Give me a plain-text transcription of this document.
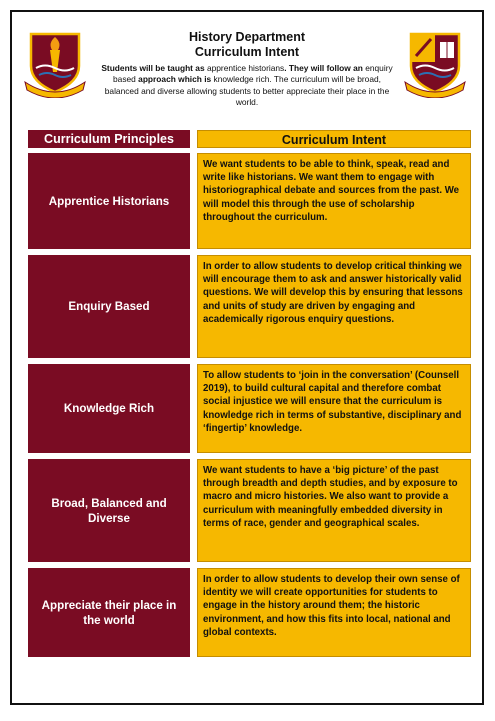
History Department
Curriculum Intent
Students will be taught as apprentice historians. They will follow an enquiry based approach which is knowledge rich. The curriculum will be broad, balanced and diverse allowing students to better appreciate their place in the world.
Curriculum Principles	Curriculum Intent
Apprentice Historians
We want students to be able to think, speak, read and write like historians. We want them to engage with historiographical debate and sources from the past. We will model this through the use of scholarship throughout the curriculum.
Enquiry Based
In order to allow students to develop critical thinking we will encourage them to ask and answer historically valid questions. We will develop this by ensuring that lessons and units of study are driven by engaging and academically rigorous enquiry questions.
Knowledge Rich
To allow students to ‘join in the conversation’ (Counsell 2019), to build cultural capital and therefore combat social injustice we will ensure that the curriculum is knowledge rich in terms of substantive, disciplinary and ‘fingertip’ knowledge.
Broad, Balanced and Diverse
We want students to have a ‘big picture’ of the past through breadth and depth studies, and by exposure to macro and micro histories. We also want to provide a curriculum with meaningfully embedded diversity in terms of race, gender and geographical scales.
Appreciate their place in the world
In order to allow students to develop their own sense of identity we will create opportunities for students to engage in the history around them; the historic environment, and how this fits into local, national and global contexts.
